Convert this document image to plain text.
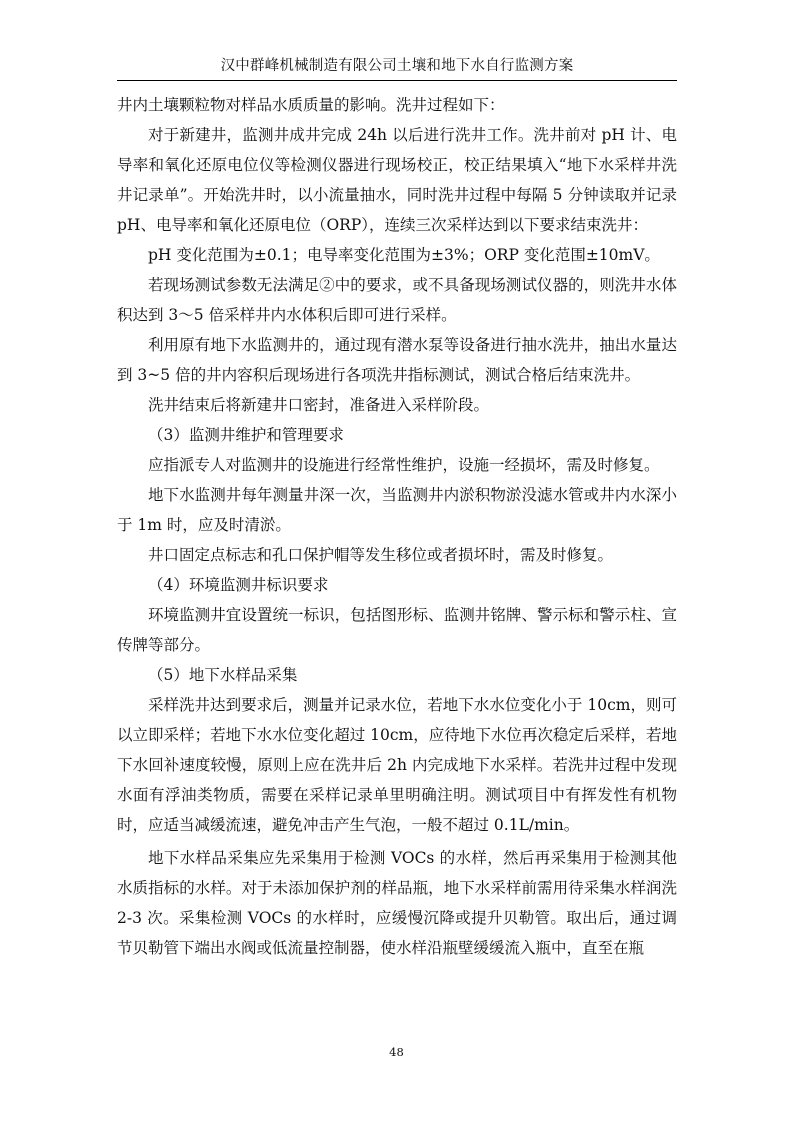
汉中群峰机械制造有限公司土壤和地下水自行监测方案

井内土壤颗粒物对样品水质质量的影响。洗井过程如下：

对于新建井，监测井成井完成 24h 以后进行洗井工作。洗井前对 pH 计、电导率和氧化还原电位仪等检测仪器进行现场校正，校正结果填入“地下水采样井洗井记录单”。开始洗井时，以小流量抽水，同时洗井过程中每隔 5 分钟读取并记录 pH、电导率和氧化还原电位（ORP），连续三次采样达到以下要求结束洗井：

pH 变化范围为±0.1；电导率变化范围为±3%；ORP 变化范围±10mV。

若现场测试参数无法满足②中的要求，或不具备现场测试仪器的，则洗井水体积达到 3～5 倍采样井内水体积后即可进行采样。

利用原有地下水监测井的，通过现有潜水泵等设备进行抽水洗井，抽出水量达到 3~5 倍的井内容积后现场进行各项洗井指标测试，测试合格后结束洗井。

洗井结束后将新建井口密封，准备进入采样阶段。

（3）监测井维护和管理要求

应指派专人对监测井的设施进行经常性维护，设施一经损坏，需及时修复。

地下水监测井每年测量井深一次，当监测井内淤积物淤没滤水管或井内水深小于 1m 时，应及时清淤。

井口固定点标志和孔口保护帽等发生移位或者损坏时，需及时修复。

（4）环境监测井标识要求

环境监测井宜设置统一标识，包括图形标、监测井铭牌、警示标和警示柱、宣传牌等部分。

（5）地下水样品采集

采样洗井达到要求后，测量并记录水位，若地下水水位变化小于 10cm，则可以立即采样；若地下水水位变化超过 10cm，应待地下水位再次稳定后采样，若地下水回补速度较慢，原则上应在洗井后 2h 内完成地下水采样。若洗井过程中发现水面有浮油类物质，需要在采样记录单里明确注明。测试项目中有挥发性有机物时，应适当减缓流速，避免冲击产生气泡，一般不超过 0.1L/min。

地下水样品采集应先采集用于检测 VOCs 的水样，然后再采集用于检测其他水质指标的水样。对于未添加保护剂的样品瓶，地下水采样前需用待采集水样润洗 2-3 次。采集检测 VOCs 的水样时，应缓慢沉降或提升贝勒管。取出后，通过调节贝勒管下端出水阀或低流量控制器，使水样沿瓶壁缓缓流入瓶中，直至在瓶

48
